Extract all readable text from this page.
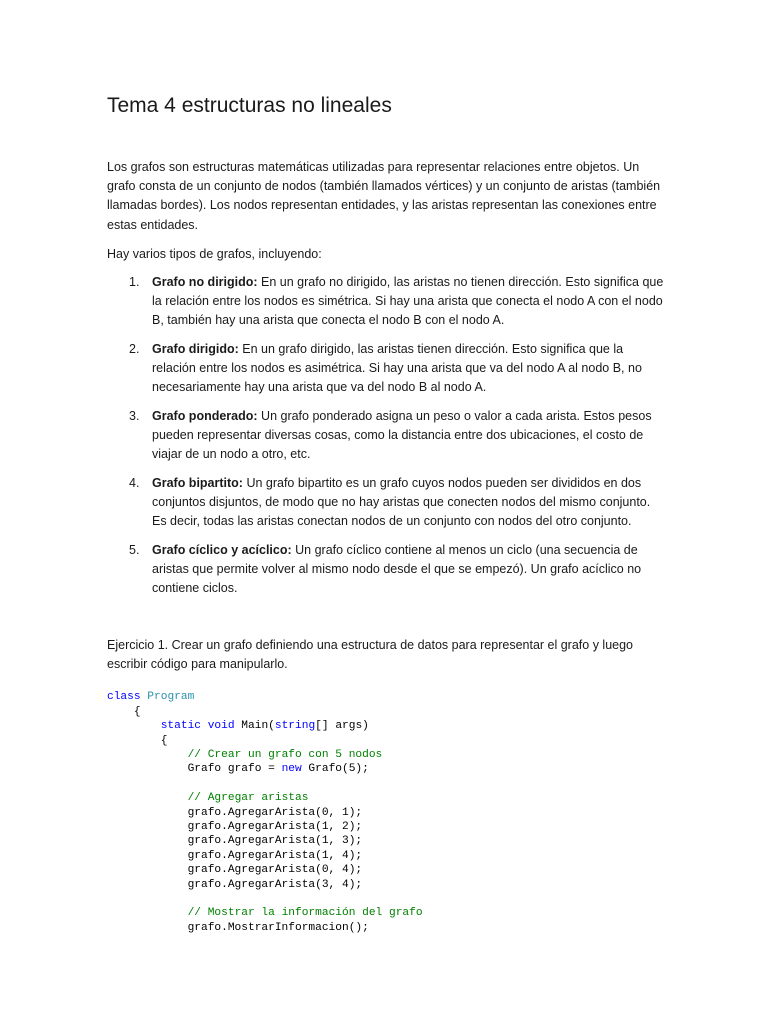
Tema 4 estructuras no lineales

Los grafos son estructuras matemáticas utilizadas para representar relaciones entre objetos. Un grafo consta de un conjunto de nodos (también llamados vértices) y un conjunto de aristas (también llamadas bordes). Los nodos representan entidades, y las aristas representan las conexiones entre estas entidades.

Hay varios tipos de grafos, incluyendo:

1. Grafo no dirigido: En un grafo no dirigido, las aristas no tienen dirección. Esto significa que la relación entre los nodos es simétrica. Si hay una arista que conecta el nodo A con el nodo B, también hay una arista que conecta el nodo B con el nodo A.
2. Grafo dirigido: En un grafo dirigido, las aristas tienen dirección. Esto significa que la relación entre los nodos es asimétrica. Si hay una arista que va del nodo A al nodo B, no necesariamente hay una arista que va del nodo B al nodo A.
3. Grafo ponderado: Un grafo ponderado asigna un peso o valor a cada arista. Estos pesos pueden representar diversas cosas, como la distancia entre dos ubicaciones, el costo de viajar de un nodo a otro, etc.
4. Grafo bipartito: Un grafo bipartito es un grafo cuyos nodos pueden ser divididos en dos conjuntos disjuntos, de modo que no hay aristas que conecten nodos del mismo conjunto. Es decir, todas las aristas conectan nodos de un conjunto con nodos del otro conjunto.
5. Grafo cíclico y acíclico: Un grafo cíclico contiene al menos un ciclo (una secuencia de aristas que permite volver al mismo nodo desde el que se empezó). Un grafo acíclico no contiene ciclos.

Ejercicio 1. Crear un grafo definiendo una estructura de datos para representar el grafo y luego escribir código para manipularlo.

class Program
{
static void Main(string[] args)
{
// Crear un grafo con 5 nodos
Grafo grafo = new Grafo(5);
// Agregar aristas
grafo.AgregarArista(0, 1);
grafo.AgregarArista(1, 2);
grafo.AgregarArista(1, 3);
grafo.AgregarArista(1, 4);
grafo.AgregarArista(0, 4);
grafo.AgregarArista(3, 4);
// Mostrar la información del grafo
grafo.MostrarInformacion();
